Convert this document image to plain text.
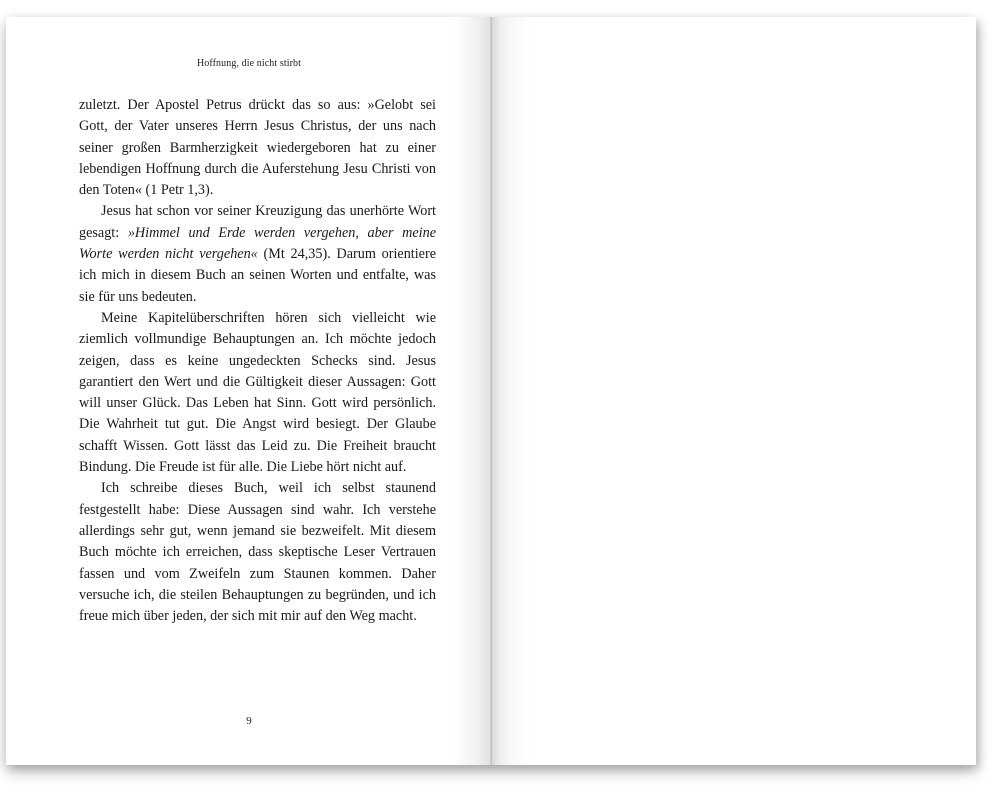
Hoffnung, die nicht stirbt

zuletzt. Der Apostel Petrus drückt das so aus: »Gelobt sei Gott, der Vater unseres Herrn Jesus Christus, der uns nach seiner großen Barmherzigkeit wiedergeboren hat zu einer lebendigen Hoffnung durch die Auferstehung Jesu Christi von den Toten« (1 Petr 1,3).

Jesus hat schon vor seiner Kreuzigung das unerhörte Wort gesagt: »Himmel und Erde werden vergehen, aber meine Worte werden nicht vergehen« (Mt 24,35). Darum orientiere ich mich in diesem Buch an seinen Worten und entfalte, was sie für uns bedeuten.

Meine Kapitelüberschriften hören sich vielleicht wie ziemlich vollmundige Behauptungen an. Ich möchte jedoch zeigen, dass es keine ungedeckten Schecks sind. Jesus garantiert den Wert und die Gültigkeit dieser Aussagen: Gott will unser Glück. Das Leben hat Sinn. Gott wird persönlich. Die Wahrheit tut gut. Die Angst wird besiegt. Der Glaube schafft Wissen. Gott lässt das Leid zu. Die Freiheit braucht Bindung. Die Freude ist für alle. Die Liebe hört nicht auf.

Ich schreibe dieses Buch, weil ich selbst staunend festgestellt habe: Diese Aussagen sind wahr. Ich verstehe allerdings sehr gut, wenn jemand sie bezweifelt. Mit diesem Buch möchte ich erreichen, dass skeptische Leser Vertrauen fassen und vom Zweifeln zum Staunen kommen. Daher versuche ich, die steilen Behauptungen zu begründen, und ich freue mich über jeden, der sich mit mir auf den Weg macht.

9
